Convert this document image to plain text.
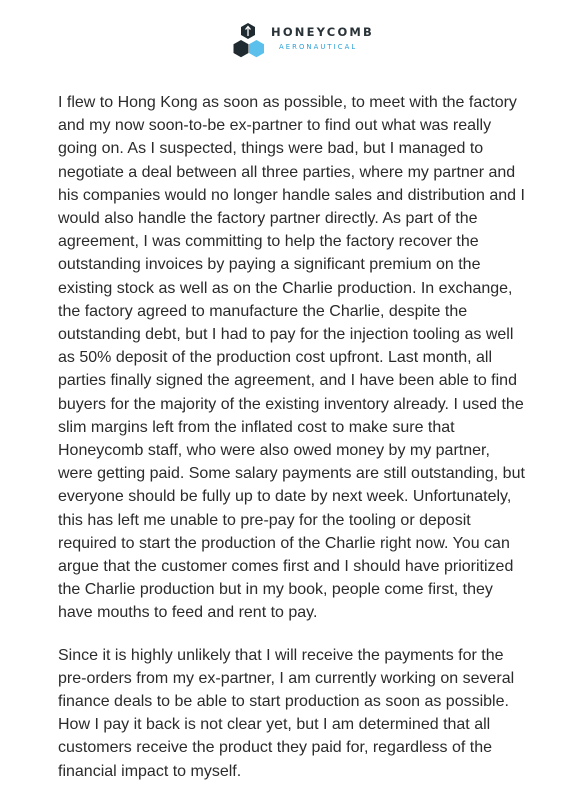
HONEYCOMB
AERONAUTICAL

I flew to Hong Kong as soon as possible, to meet with the factory and my now soon-to-be ex-partner to find out what was really going on. As I suspected, things were bad, but I managed to negotiate a deal between all three parties, where my partner and his companies would no longer handle sales and distribution and I would also handle the factory partner directly. As part of the agreement, I was committing to help the factory recover the outstanding invoices by paying a significant premium on the existing stock as well as on the Charlie production. In exchange, the factory agreed to manufacture the Charlie, despite the outstanding debt, but I had to pay for the injection tooling as well as 50% deposit of the production cost upfront. Last month, all parties finally signed the agreement, and I have been able to find buyers for the majority of the existing inventory already. I used the slim margins left from the inflated cost to make sure that Honeycomb staff, who were also owed money by my partner, were getting paid. Some salary payments are still outstanding, but everyone should be fully up to date by next week. Unfortunately, this has left me unable to pre-pay for the tooling or deposit required to start the production of the Charlie right now. You can argue that the customer comes first and I should have prioritized the Charlie production but in my book, people come first, they have mouths to feed and rent to pay.

Since it is highly unlikely that I will receive the payments for the pre-orders from my ex-partner, I am currently working on several finance deals to be able to start production as soon as possible. How I pay it back is not clear yet, but I am determined that all customers receive the product they paid for, regardless of the financial impact to myself.
